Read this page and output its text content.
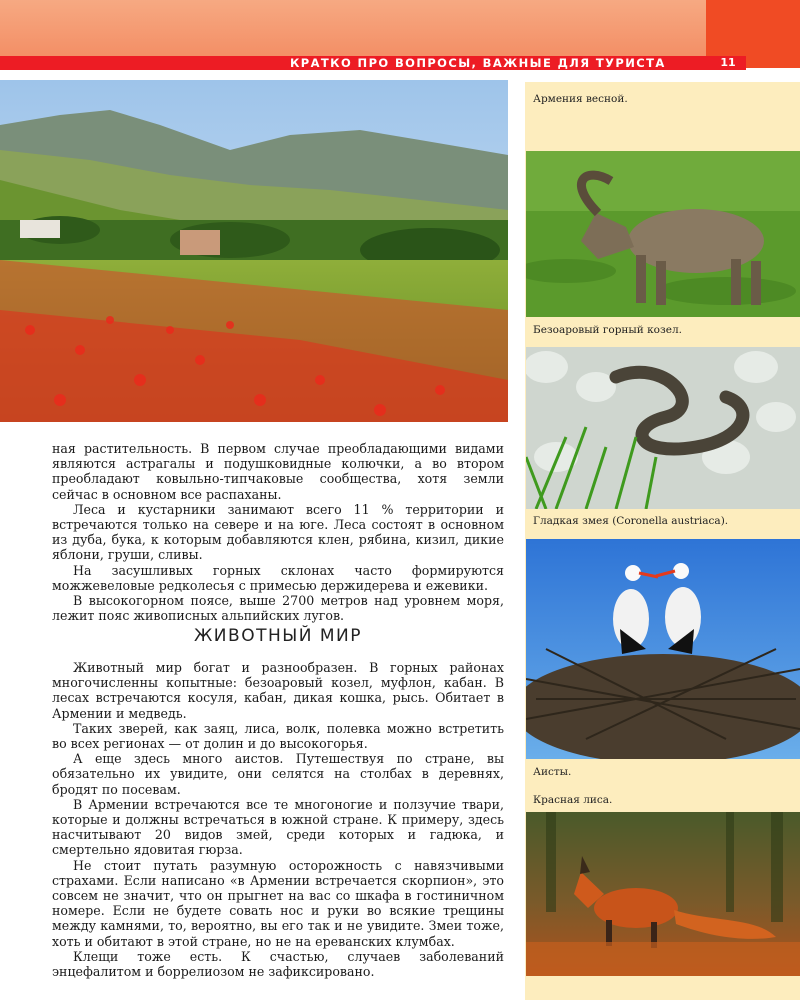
КРАТКО ПРО ВОПРОСЫ, ВАЖНЫЕ ДЛЯ ТУРИСТА	11
Армения весной.
Безоаровый горный козел.
Гладкая змея (Coronella austriaca).
Аисты.
Красная лиса.

ная растительность. В первом случае преобладающими видами являются астрагалы и подушковидные колючки, а во втором преобладают ковыльно-типчаковые сообщества, хотя земли сейчас в основном все распаханы.

Леса и кустарники занимают всего 11 % территории и встречаются только на севере и на юге. Леса состоят в основном из дуба, бука, к которым добавляются клен, рябина, кизил, дикие яблони, груши, сливы.

На засушливых горных склонах часто формируются можжевеловые редколесья с примесью держидерева и ежевики.

В высокогорном поясе, выше 2700 метров над уровнем моря, лежит пояс живописных альпийских лугов.

ЖИВОТНЫЙ МИР

Животный мир богат и разнообразен. В горных районах многочисленны копытные: безоаровый козел, муфлон, кабан. В лесах встречаются косуля, кабан, дикая кошка, рысь. Обитает в Армении и медведь.

Таких зверей, как заяц, лиса, волк, полевка можно встретить во всех регионах — от долин и до высокогорья.

А еще здесь много аистов. Путешествуя по стране, вы обязательно их увидите, они селятся на столбах в деревнях, бродят по посевам.

В Армении встречаются все те многоногие и ползучие твари, которые и должны встречаться в южной стране. К примеру, здесь насчитывают 20 видов змей, среди которых и гадюка, и смертельно ядовитая гюрза.

Не стоит путать разумную осторожность с навязчивыми страхами. Если написано «в Армении встречается скорпион», это совсем не значит, что он прыгнет на вас со шкафа в гостиничном номере. Если не будете совать нос и руки во всякие трещины между камнями, то, вероятно, вы его так и не увидите. Змеи тоже, хоть и обитают в этой стране, но не на ереванских клумбах.

Клещи тоже есть. К счастью, случаев заболеваний энцефалитом и боррелиозом не зафиксировано.
